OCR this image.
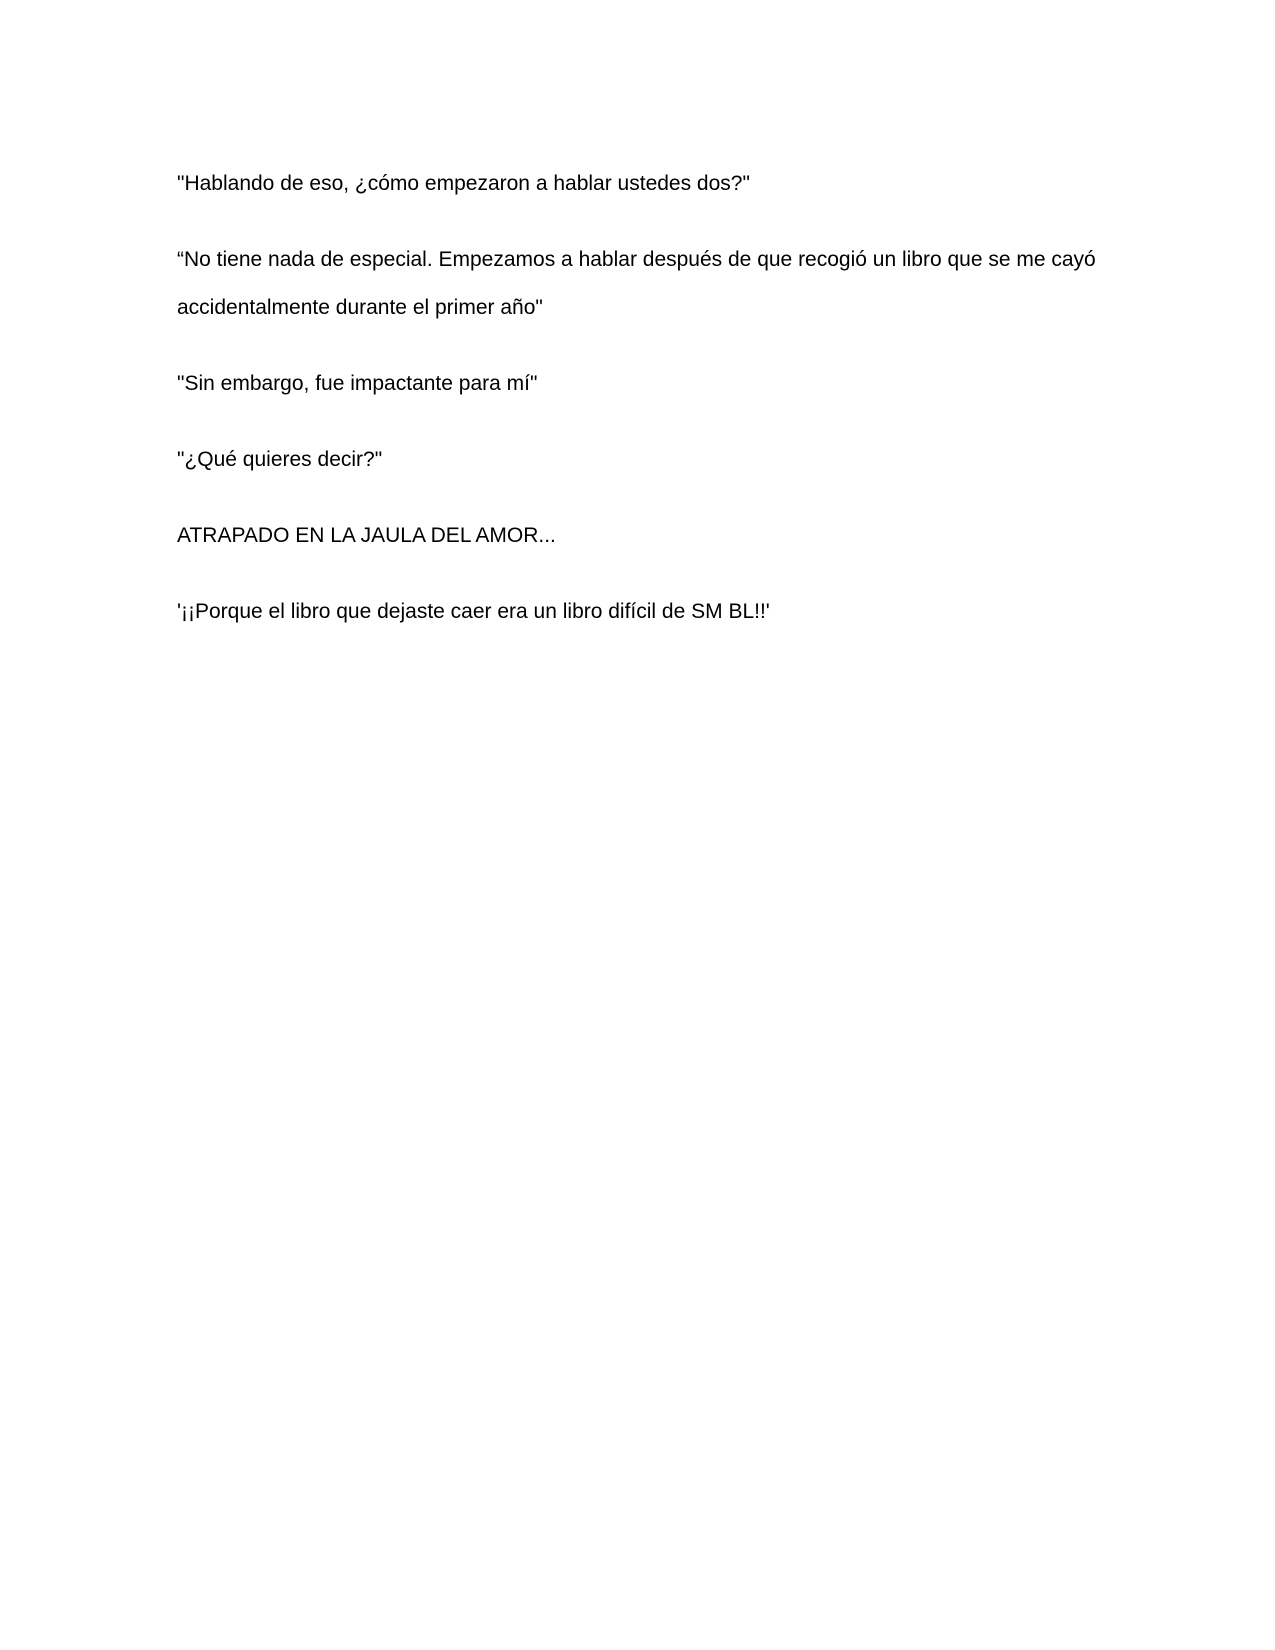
"Hablando de eso, ¿cómo empezaron a hablar ustedes dos?"

“No tiene nada de especial. Empezamos a hablar después de que recogió un libro que se me cayó accidentalmente durante el primer año"

"Sin embargo, fue impactante para mí"

"¿Qué quieres decir?"

ATRAPADO EN LA JAULA DEL AMOR...

'¡¡Porque el libro que dejaste caer era un libro difícil de SM BL!!'
